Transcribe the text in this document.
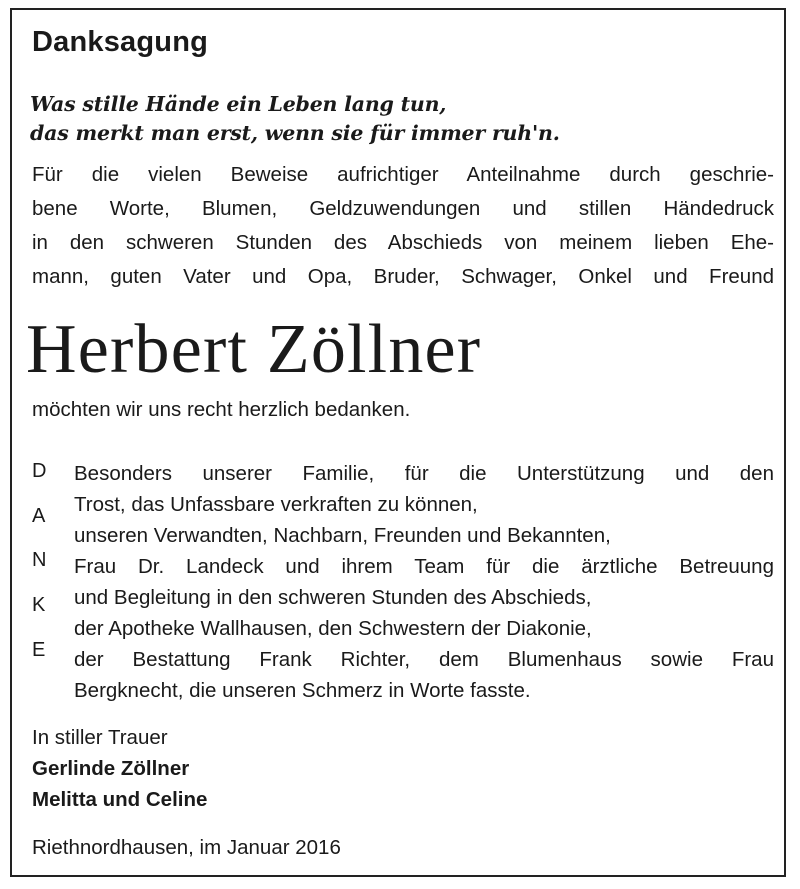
Danksagung
Was stille Hände ein Leben lang tun,
das merkt man erst, wenn sie für immer ruh'n.
Für die vielen Beweise aufrichtiger Anteilnahme durch geschrie-
bene Worte, Blumen, Geldzuwendungen und stillen Händedruck
in den schweren Stunden des Abschieds von meinem lieben Ehe-
mann, guten Vater und Opa, Bruder, Schwager, Onkel und Freund
Herbert Zöllner
möchten wir uns recht herzlich bedanken.
D
A
N
K
E
Besonders unserer Familie, für die Unterstützung und den
Trost, das Unfassbare verkraften zu können,
unseren Verwandten, Nachbarn, Freunden und Bekannten,
Frau Dr. Landeck und ihrem Team für die ärztliche Betreuung
und Begleitung in den schweren Stunden des Abschieds,
der Apotheke Wallhausen, den Schwestern der Diakonie,
der Bestattung Frank Richter, dem Blumenhaus sowie Frau
Bergknecht, die unseren Schmerz in Worte fasste.
In stiller Trauer
Gerlinde Zöllner
Melitta und Celine
Riethnordhausen, im Januar 2016
